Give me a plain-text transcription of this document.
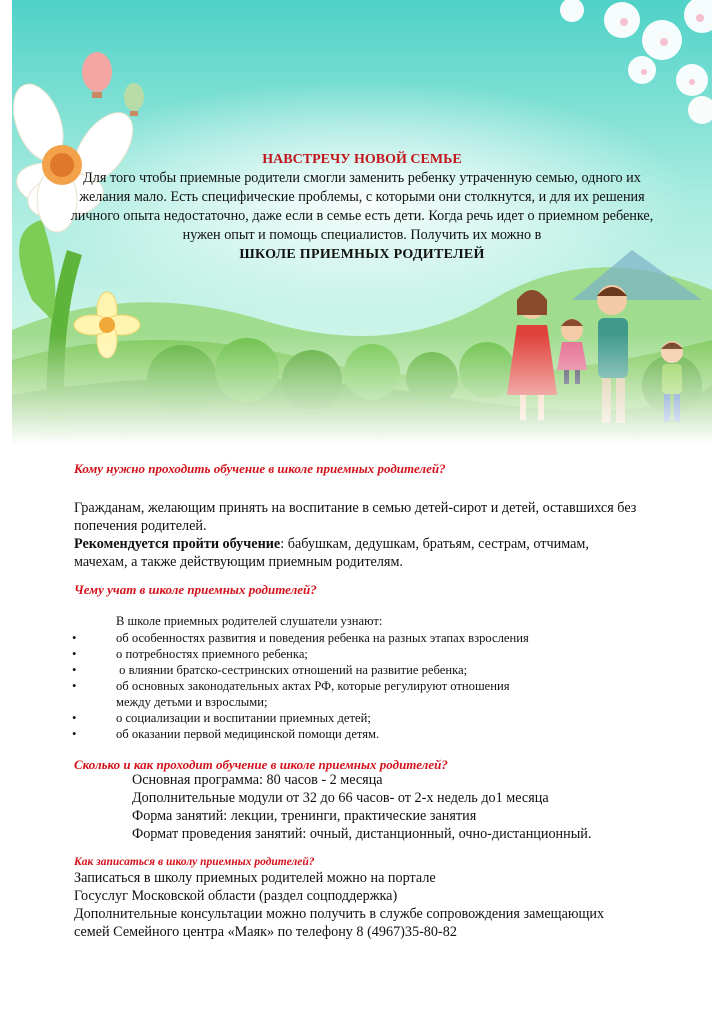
НАВСТРЕЧУ НОВОЙ СЕМЬЕ
Для того чтобы приемные родители смогли заменить ребенку утраченную семью, одного их
желания мало. Есть специфические проблемы, с которыми они столкнутся, и для их решения
личного опыта недостаточно, даже если в семье есть дети. Когда речь идет о приемном ребенке,
нужен опыт и помощь специалистов. Получить их можно в
ШКОЛЕ ПРИЕМНЫХ РОДИТЕЛЕЙ
Кому нужно проходить обучение в школе приемных родителей?
Гражданам, желающим принять на воспитание в семью детей-сирот и детей, оставшихся без
попечения родителей.
Рекомендуется пройти обучение: бабушкам, дедушкам, братьям, сестрам, отчимам,
мачехам, а также действующим приемным родителям.
Чему учат в школе приемных родителей?
В школе приемных родителей слушатели узнают:
•	об особенностях развития и поведения ребенка на разных этапах взросления
•	о потребностях приемного ребенка;
•	о влиянии братско-сестринских отношений на развитие ребенка;
•	об основных законодательных актах РФ, которые регулируют отношения
между детьми и взрослыми;
•	о социализации и воспитании приемных детей;
•	об оказании первой медицинской помощи детям.
Сколько и как проходит обучение в школе приемных родителей?
Основная программа: 80 часов - 2 месяца
Дополнительные модули от 32 до 66 часов- от 2-х недель до1 месяца
Форма занятий: лекции, тренинги, практические занятия
Формат проведения занятий: очный, дистанционный, очно-дистанционный.
Как записаться в школу приемных родителей?
Записаться в школу приемных родителей можно на портале
Госуслуг Московской области (раздел соцподдержка)
Дополнительные консультации можно получить в службе сопровождения замещающих
семей Семейного центра «Маяк» по телефону 8 (4967)35-80-82
